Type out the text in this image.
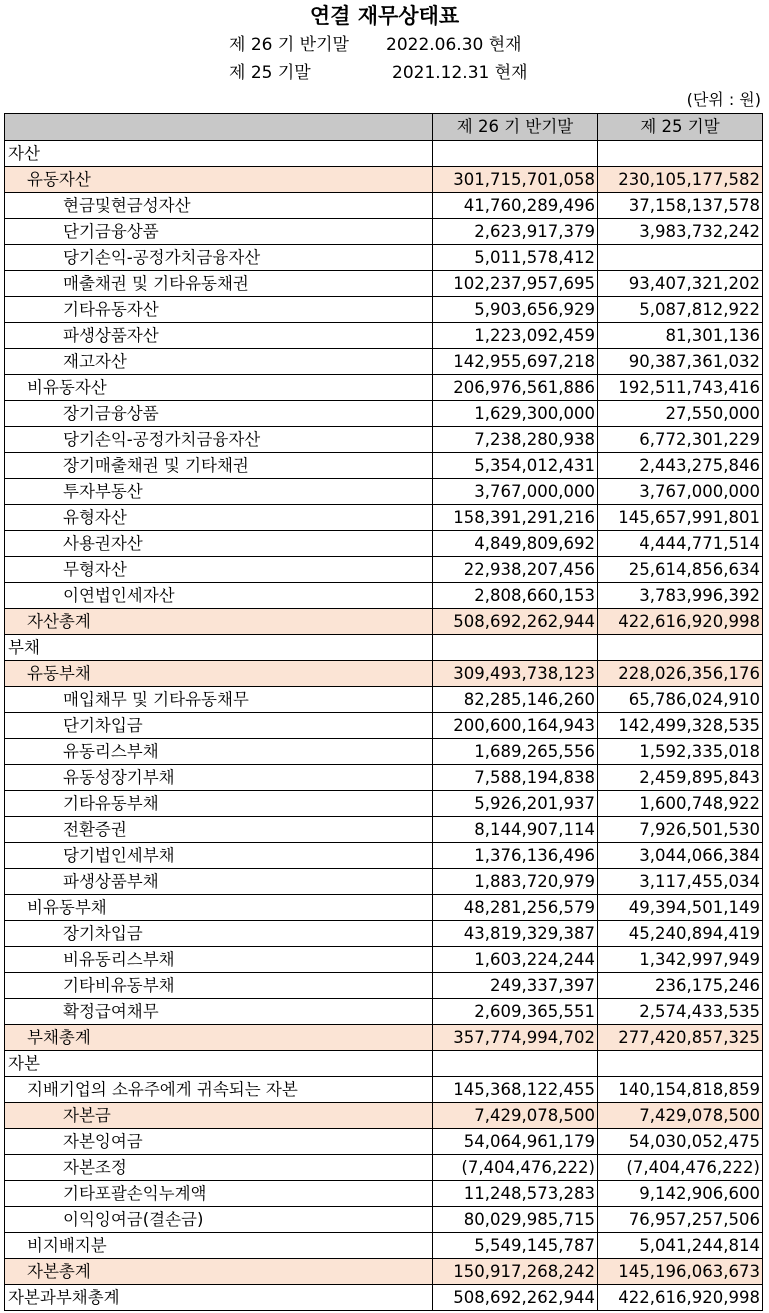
연결 재무상태표
제 26 기 반기말 2022.06.30 현재
제 25 기말	2021.12.31 현재
(단위 : 원)
	제 26 기 반기말	제 25 기말
자산		
유동자산	301,715,701,058	230,105,177,582
현금및현금성자산	41,760,289,496	37,158,137,578
단기금융상품	2,623,917,379	3,983,732,242
당기손익-공정가치금융자산	5,011,578,412	
매출채권 및 기타유동채권	102,237,957,695	93,407,321,202
기타유동자산	5,903,656,929	5,087,812,922
파생상품자산	1,223,092,459	81,301,136
재고자산	142,955,697,218	90,387,361,032
비유동자산	206,976,561,886	192,511,743,416
장기금융상품	1,629,300,000	27,550,000
당기손익-공정가치금융자산	7,238,280,938	6,772,301,229
장기매출채권 및 기타채권	5,354,012,431	2,443,275,846
투자부동산	3,767,000,000	3,767,000,000
유형자산	158,391,291,216	145,657,991,801
사용권자산	4,849,809,692	4,444,771,514
무형자산	22,938,207,456	25,614,856,634
이연법인세자산	2,808,660,153	3,783,996,392
자산총계	508,692,262,944	422,616,920,998
부채		
유동부채	309,493,738,123	228,026,356,176
매입채무 및 기타유동채무	82,285,146,260	65,786,024,910
단기차입금	200,600,164,943	142,499,328,535
유동리스부채	1,689,265,556	1,592,335,018
유동성장기부채	7,588,194,838	2,459,895,843
기타유동부채	5,926,201,937	1,600,748,922
전환증권	8,144,907,114	7,926,501,530
당기법인세부채	1,376,136,496	3,044,066,384
파생상품부채	1,883,720,979	3,117,455,034
비유동부채	48,281,256,579	49,394,501,149
장기차입금	43,819,329,387	45,240,894,419
비유동리스부채	1,603,224,244	1,342,997,949
기타비유동부채	249,337,397	236,175,246
확정급여채무	2,609,365,551	2,574,433,535
부채총계	357,774,994,702	277,420,857,325
자본		
지배기업의 소유주에게 귀속되는 자본	145,368,122,455	140,154,818,859
자본금	7,429,078,500	7,429,078,500
자본잉여금	54,064,961,179	54,030,052,475
자본조정	(7,404,476,222)	(7,404,476,222)
기타포괄손익누계액	11,248,573,283	9,142,906,600
이익잉여금(결손금)	80,029,985,715	76,957,257,506
비지배지분	5,549,145,787	5,041,244,814
자본총계	150,917,268,242	145,196,063,673
자본과부채총계	508,692,262,944	422,616,920,998
